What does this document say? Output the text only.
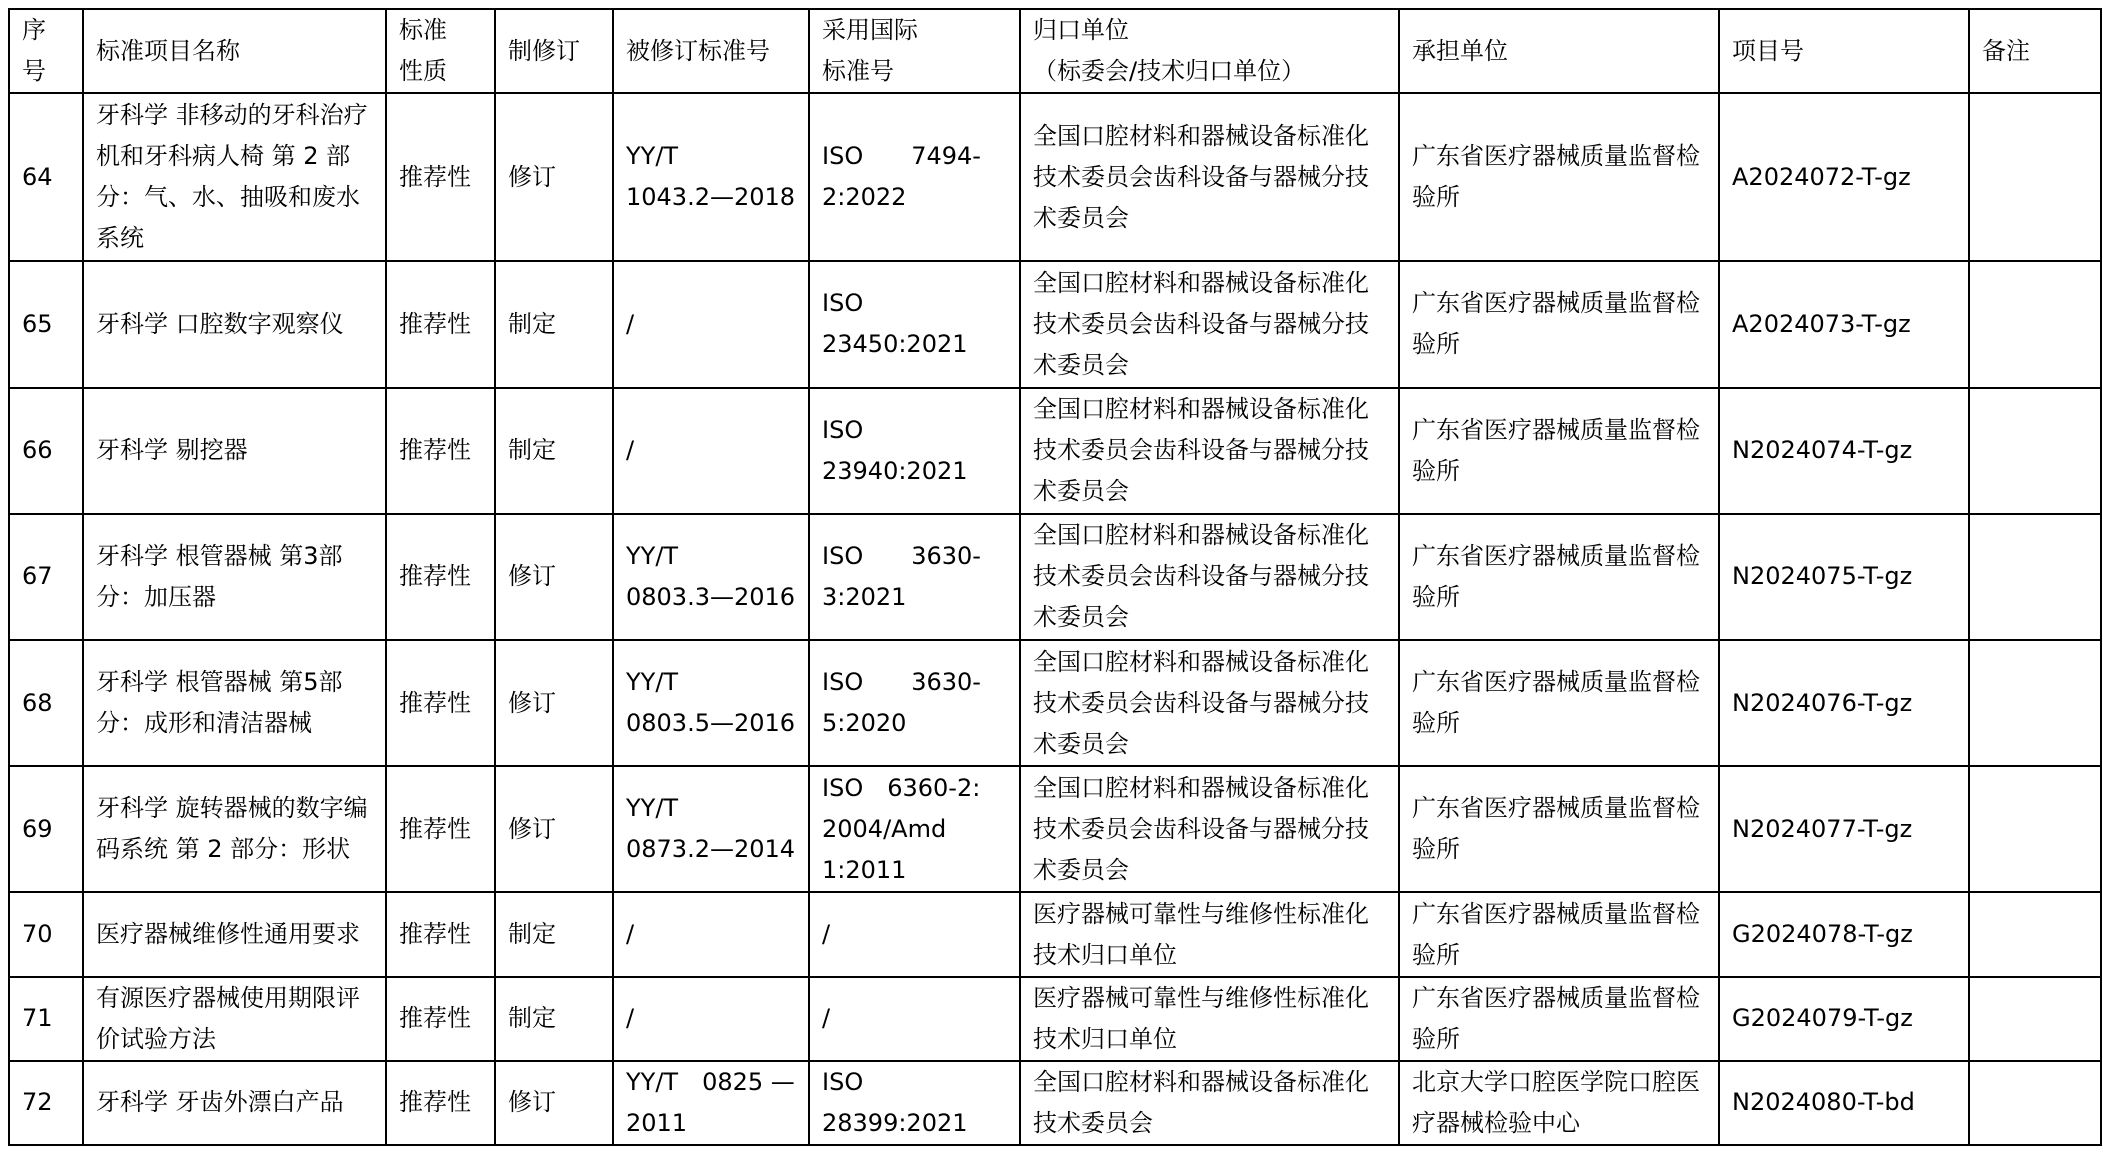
序
号	标准项目名称	标准
性质	制修订	被修订标准号	采用国际
标准号	归口单位
（标委会/技术归口单位）	承担单位	项目号	备注
64	牙科学 非移动的牙科治疗机和牙科病人椅 第 2 部分：气、水、抽吸和废水系统	推荐性	修订	YY/T
1043.2—2018	ISO　　7494-
2:2022	全国口腔材料和器械设备标准化技术委员会齿科设备与器械分技术委员会	广东省医疗器械质量监督检验所	A2024072-T-gz	
65	牙科学 口腔数字观察仪	推荐性	制定	/	ISO
23450:2021	全国口腔材料和器械设备标准化技术委员会齿科设备与器械分技术委员会	广东省医疗器械质量监督检验所	A2024073-T-gz	
66	牙科学 剔挖器	推荐性	制定	/	ISO
23940:2021	全国口腔材料和器械设备标准化技术委员会齿科设备与器械分技术委员会	广东省医疗器械质量监督检验所	N2024074-T-gz	
67	牙科学 根管器械 第3部分：加压器	推荐性	修订	YY/T
0803.3—2016	ISO　　3630-
3:2021	全国口腔材料和器械设备标准化技术委员会齿科设备与器械分技术委员会	广东省医疗器械质量监督检验所	N2024075-T-gz	
68	牙科学 根管器械 第5部分：成形和清洁器械	推荐性	修订	YY/T
0803.5—2016	ISO　　3630-
5:2020	全国口腔材料和器械设备标准化技术委员会齿科设备与器械分技术委员会	广东省医疗器械质量监督检验所	N2024076-T-gz	
69	牙科学 旋转器械的数字编码系统 第 2 部分：形状	推荐性	修订	YY/T
0873.2—2014	ISO　6360-2:
2004/Amd
1:2011	全国口腔材料和器械设备标准化技术委员会齿科设备与器械分技术委员会	广东省医疗器械质量监督检验所	N2024077-T-gz	
70	医疗器械维修性通用要求	推荐性	制定	/	/	医疗器械可靠性与维修性标准化技术归口单位	广东省医疗器械质量监督检验所	G2024078-T-gz	
71	有源医疗器械使用期限评价试验方法	推荐性	制定	/	/	医疗器械可靠性与维修性标准化技术归口单位	广东省医疗器械质量监督检验所	G2024079-T-gz	
72	牙科学 牙齿外漂白产品	推荐性	修订	YY/T　0825 —
2011	ISO
28399:2021	全国口腔材料和器械设备标准化技术委员会	北京大学口腔医学院口腔医疗器械检验中心	N2024080-T-bd	
